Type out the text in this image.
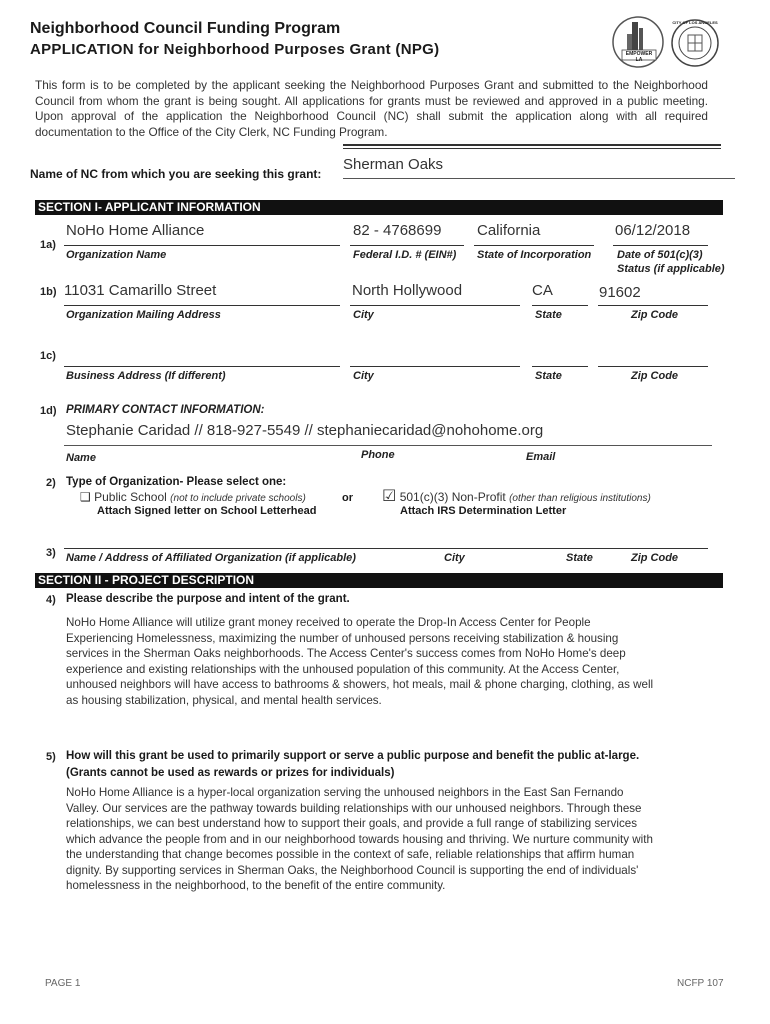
Neighborhood Council Funding Program
APPLICATION for Neighborhood Purposes Grant (NPG)	EMPOWER LA
CITY OF LOS ANGELES
This form is to be completed by the applicant seeking the Neighborhood Purposes Grant and submitted to the Neighborhood Council from whom the grant is being sought. All applications for grants must be reviewed and approved in a public meeting. Upon approval of the application the Neighborhood Council (NC) shall submit the application along with all required documentation to the Office of the City Clerk, NC Funding Program.
Name of NC from which you are seeking this grant:
Sherman Oaks
SECTION I- APPLICANT INFORMATION
1a)
NoHo Home Alliance
Organization Name
82 - 4768699
Federal I.D. # (EIN#)
California
State of Incorporation
06/12/2018
Date of 501(c)(3)
Status (if applicable)
1b) 11031 Camarillo Street
Organization Mailing Address
North Hollywood
City
CA
State
91602
Zip Code
1c)
Business Address (If different)	City	State	Zip Code
1d) PRIMARY CONTACT INFORMATION:
Stephanie Caridad // 818-927-5549 // stephaniecaridad@nohohome.org
Name	Phone	Email
2) Type of Organization- Please select one:
❑ Public School (not to include private schools)
Attach Signed letter on School Letterhead
or ☑ 501(c)(3) Non-Profit (other than religious institutions)
Attach IRS Determination Letter
3) Name / Address of Affiliated Organization (if applicable)	City	State	Zip Code
SECTION II - PROJECT DESCRIPTION
4) Please describe the purpose and intent of the grant.
NoHo Home Alliance will utilize grant money received to operate the Drop-In Access Center for People
Experiencing Homelessness, maximizing the number of unhoused persons receiving stabilization & housing
services in the Sherman Oaks neighborhoods. The Access Center's success comes from NoHo Home's deep
experience and existing relationships with the unhoused population of this community. At the Access Center,
unhoused neighbors will have access to bathrooms & showers, hot meals, mail & phone charging, clothing, as well
as housing stabilization, physical, and mental health services.
5) How will this grant be used to primarily support or serve a public purpose and benefit the public at-large.
(Grants cannot be used as rewards or prizes for individuals)
NoHo Home Alliance is a hyper-local organization serving the unhoused neighbors in the East San Fernando
Valley. Our services are the pathway towards building relationships with our unhoused neighbors. Through these
relationships, we can best understand how to support their goals, and provide a full range of stabilizing services
which advance the people from and in our neighborhood towards housing and thriving. We nurture community with
the understanding that change becomes possible in the context of safe, reliable relationships that affirm human
dignity. By supporting services in Sherman Oaks, the Neighborhood Council is supporting the end of individuals'
homelessness in the neighborhood, to the benefit of the entire community.
PAGE 1	NCFP 107
